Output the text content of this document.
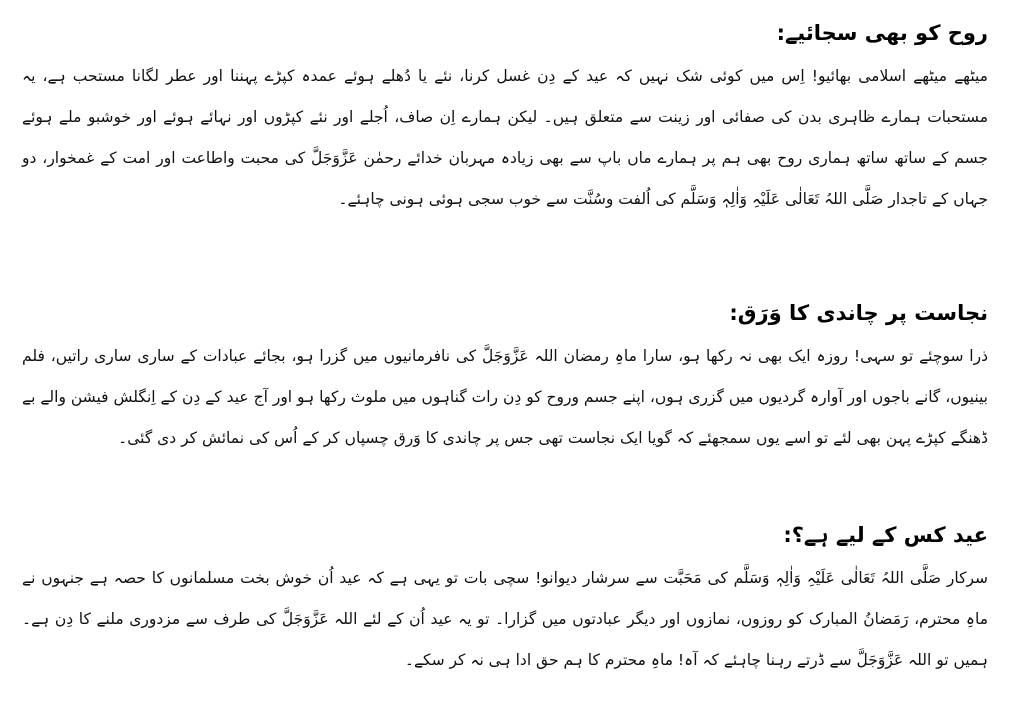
روح کو بھی سجائیے:

میٹھے میٹھے اسلامی بھائیو! اِس میں کوئی شک نہیں کہ عید کے دِن غسل کرنا، نئے یا دُھلے ہوئے عمدہ کپڑے پہننا اور عطر لگانا مستحب ہے، یہ مستحبات ہمارے ظاہری بدن کی صفائی اور زینت سے متعلق ہیں۔ لیکن ہمارے اِن صاف، اُجلے اور نئے کپڑوں اور نہائے ہوئے اور خوشبو ملے ہوئے جسم کے ساتھ ساتھ ہماری روح بھی ہم پر ہمارے ماں باپ سے بھی زیادہ مہربان خدائے رحمٰن عَزَّوَجَلَّ کی محبت واطاعت اور امت کے غمخوار، دو جہاں کے تاجدار صَلَّی اللہُ تَعَالٰی عَلَیْہِ وَاٰلِہٖ وَسَلَّم کی اُلفت وسُنَّت سے خوب سجی ہوئی ہونی چاہئے۔

نجاست پر چاندی کا وَرَق:

ذرا سوچئے تو سہی! روزہ ایک بھی نہ رکھا ہو، سارا ماہِ رمضان اللہ عَزَّوَجَلَّ کی نافرمانیوں میں گزرا ہو، بجائے عبادات کے ساری ساری راتیں، فلم بینیوں، گانے باجوں اور آوارہ گردیوں میں گزری ہوں، اپنے جسم وروح کو دِن رات گناہوں میں ملوث رکھا ہو اور آج عید کے دِن کے اِنگلش فیشن والے بے ڈھنگے کپڑے پہن بھی لئے تو اسے یوں سمجھئے کہ گویا ایک نجاست تھی جس پر چاندی کا وَرق چسپاں کر کے اُس کی نمائش کر دی گئی۔

عید کس کے لیے ہے؟:

سرکار صَلَّی اللہُ تَعَالٰی عَلَیْہِ وَاٰلِہٖ وَسَلَّم کی مَحَبَّت سے سرشار دیوانو! سچی بات تو یہی ہے کہ عید اُن خوش بخت مسلمانوں کا حصہ ہے جنہوں نے ماہِ محترم، رَمَضانُ المبارک کو روزوں، نمازوں اور دیگر عبادتوں میں گزارا۔ تو یہ عید اُن کے لئے اللہ عَزَّوَجَلَّ کی طرف سے مزدوری ملنے کا دِن ہے۔ ہمیں تو اللہ عَزَّوَجَلَّ سے ڈرتے رہنا چاہئے کہ آہ! ماہِ محترم کا ہم حق ادا ہی نہ کر سکے۔
